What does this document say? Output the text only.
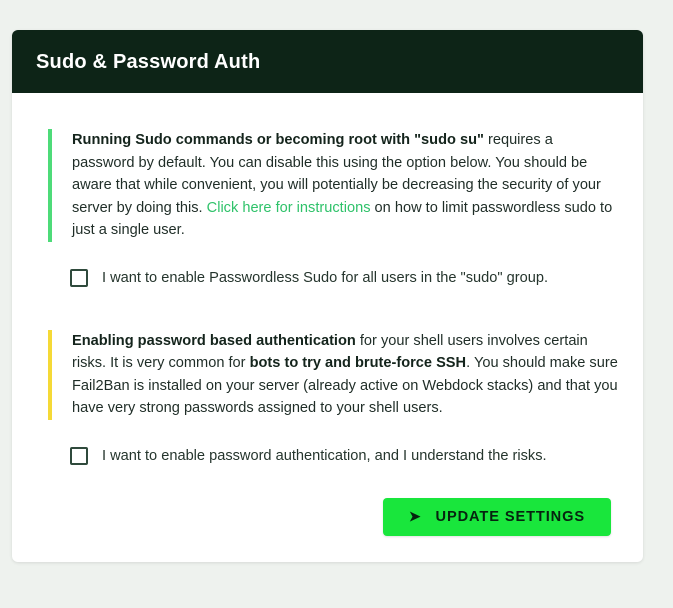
Sudo & Password Auth
Running Sudo commands or becoming root with "sudo su" requires a password by default. You can disable this using the option below. You should be aware that while convenient, you will potentially be decreasing the security of your server by doing this. Click here for instructions on how to limit passwordless sudo to just a single user.
I want to enable Passwordless Sudo for all users in the "sudo" group.
Enabling password based authentication for your shell users involves certain risks. It is very common for bots to try and brute-force SSH. You should make sure Fail2Ban is installed on your server (already active on Webdock stacks) and that you have very strong passwords assigned to your shell users.
I want to enable password authentication, and I understand the risks.
➤ UPDATE SETTINGS
